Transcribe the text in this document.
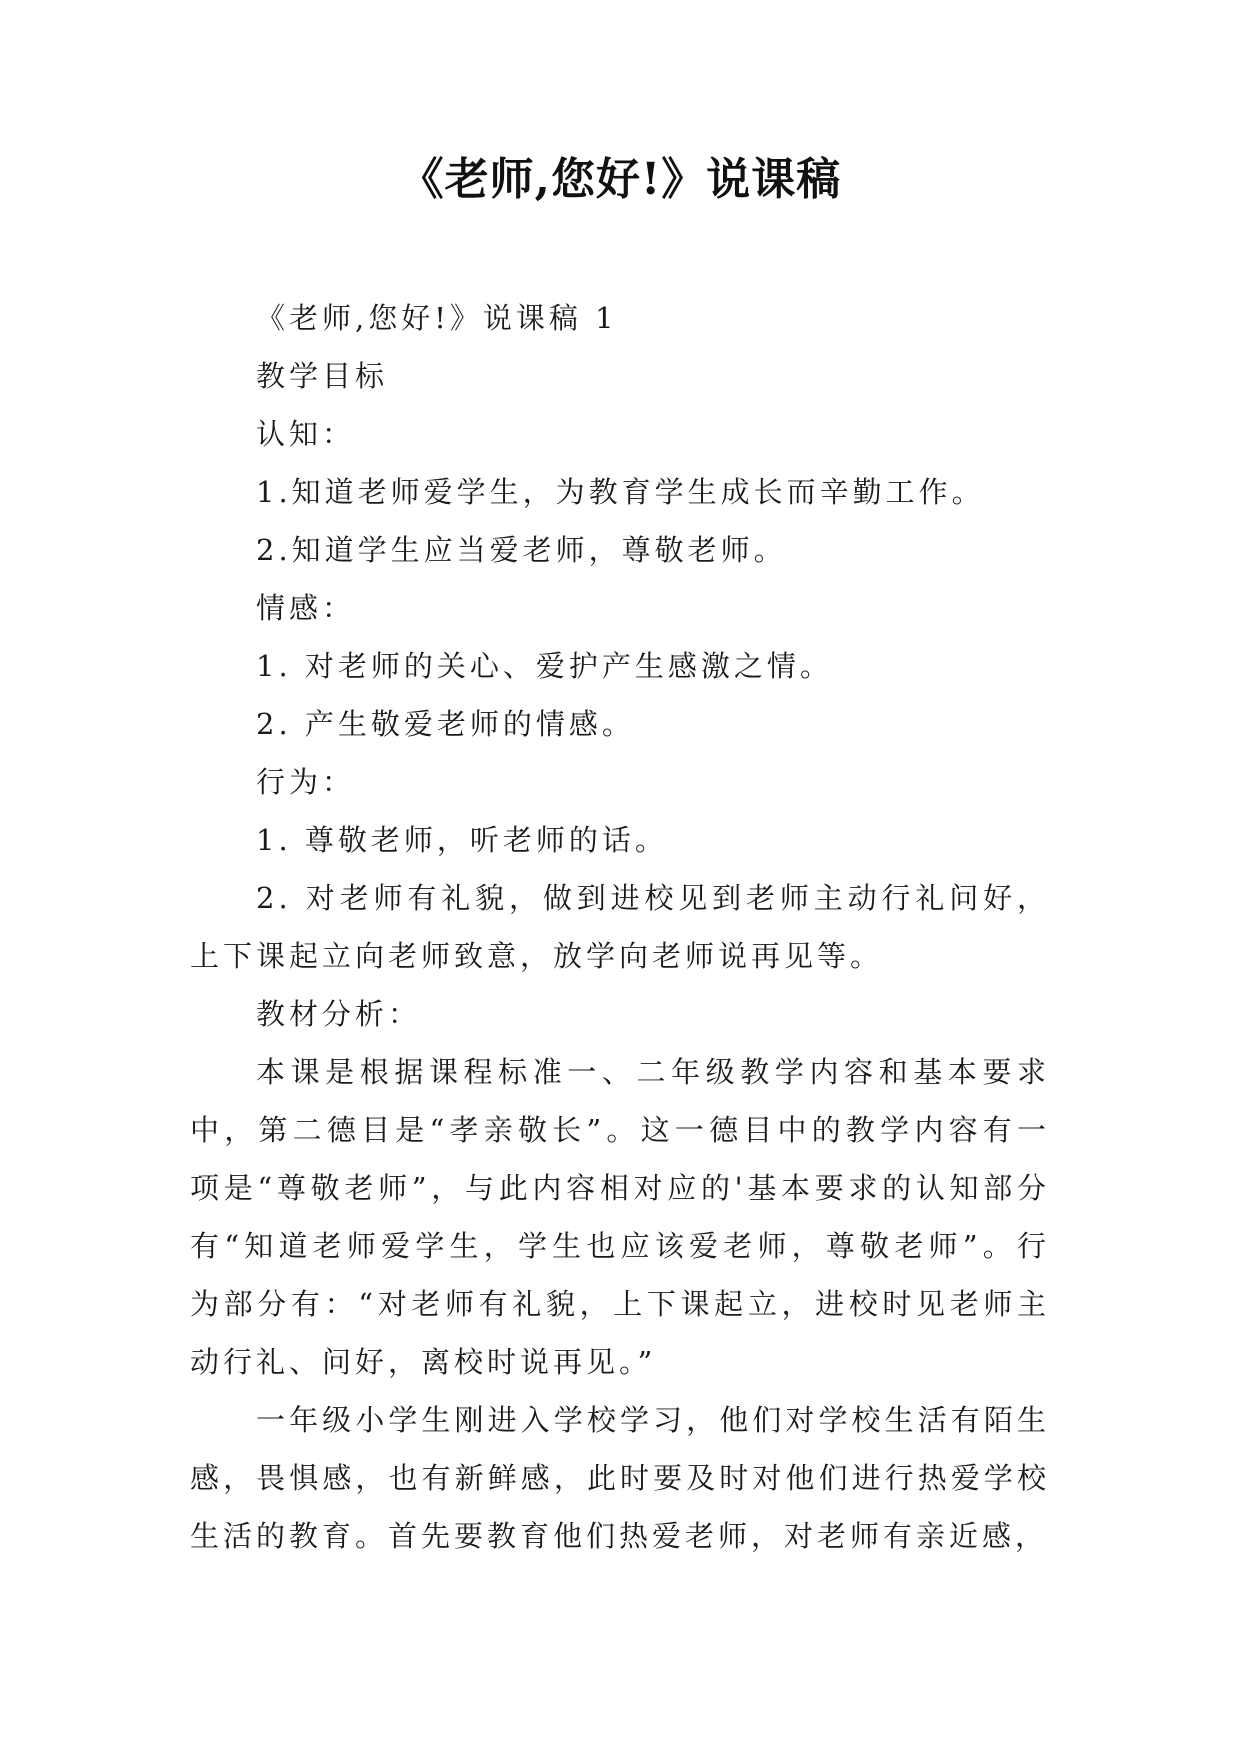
《老师,您好!》说课稿

《老师,您好!》说课稿 1

教学目标

认知：

1.知道老师爱学生，为教育学生成长而辛勤工作。

2.知道学生应当爱老师，尊敬老师。

情感：

1. 对老师的关心、爱护产生感激之情。

2. 产生敬爱老师的情感。

行为：

1. 尊敬老师，听老师的话。

2. 对老师有礼貌，做到进校见到老师主动行礼问好，上下课起立向老师致意，放学向老师说再见等。

教材分析：

本课是根据课程标准一、二年级教学内容和基本要求中，第二德目是“孝亲敬长”。这一德目中的教学内容有一项是“尊敬老师”，与此内容相对应的'基本要求的认知部分有“知道老师爱学生，学生也应该爱老师，尊敬老师”。行为部分有：“对老师有礼貌，上下课起立，进校时见老师主动行礼、问好，离校时说再见。”

一年级小学生刚进入学校学习，他们对学校生活有陌生感，畏惧感，也有新鲜感，此时要及时对他们进行热爱学校生活的教育。首先要教育他们热爱老师，对老师有亲近感，
